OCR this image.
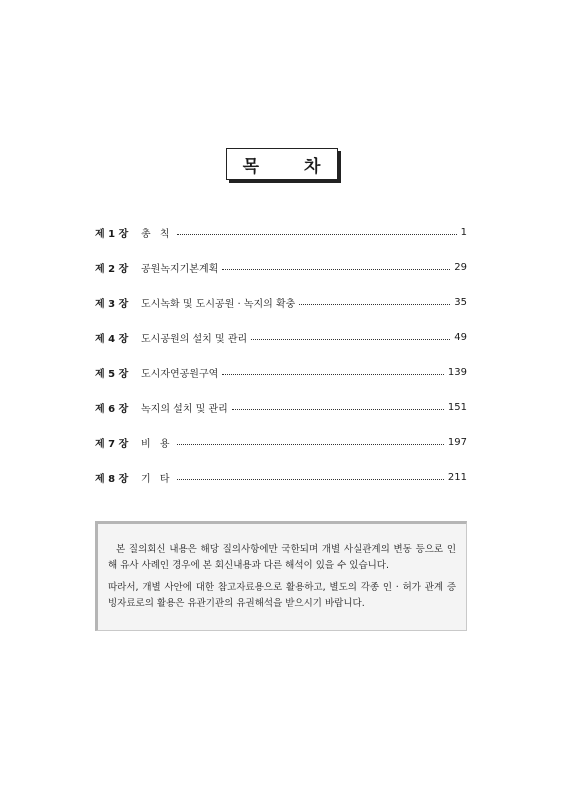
목	차
제 1 장	총 칙	1
제 2 장	공원녹지기본계획	29
제 3 장	도시녹화 및 도시공원 · 녹지의 확충	35
제 4 장	도시공원의 설치 및 관리	49
제 5 장	도시자연공원구역	139
제 6 장	녹지의 설치 및 관리	151
제 7 장	비 용	197
제 8 장	기 타	211

본 질의회신 내용은 해당 질의사항에만 국한되며 개별 사실관계의 변동 등으로 인해 유사 사례인 경우에 본 회신내용과 다른 해석이 있을 수 있습니다.

따라서, 개별 사안에 대한 참고자료용으로 활용하고, 별도의 각종 인 · 허가 관계 증빙자료로의 활용은 유관기관의 유권해석을 받으시기 바랍니다.
